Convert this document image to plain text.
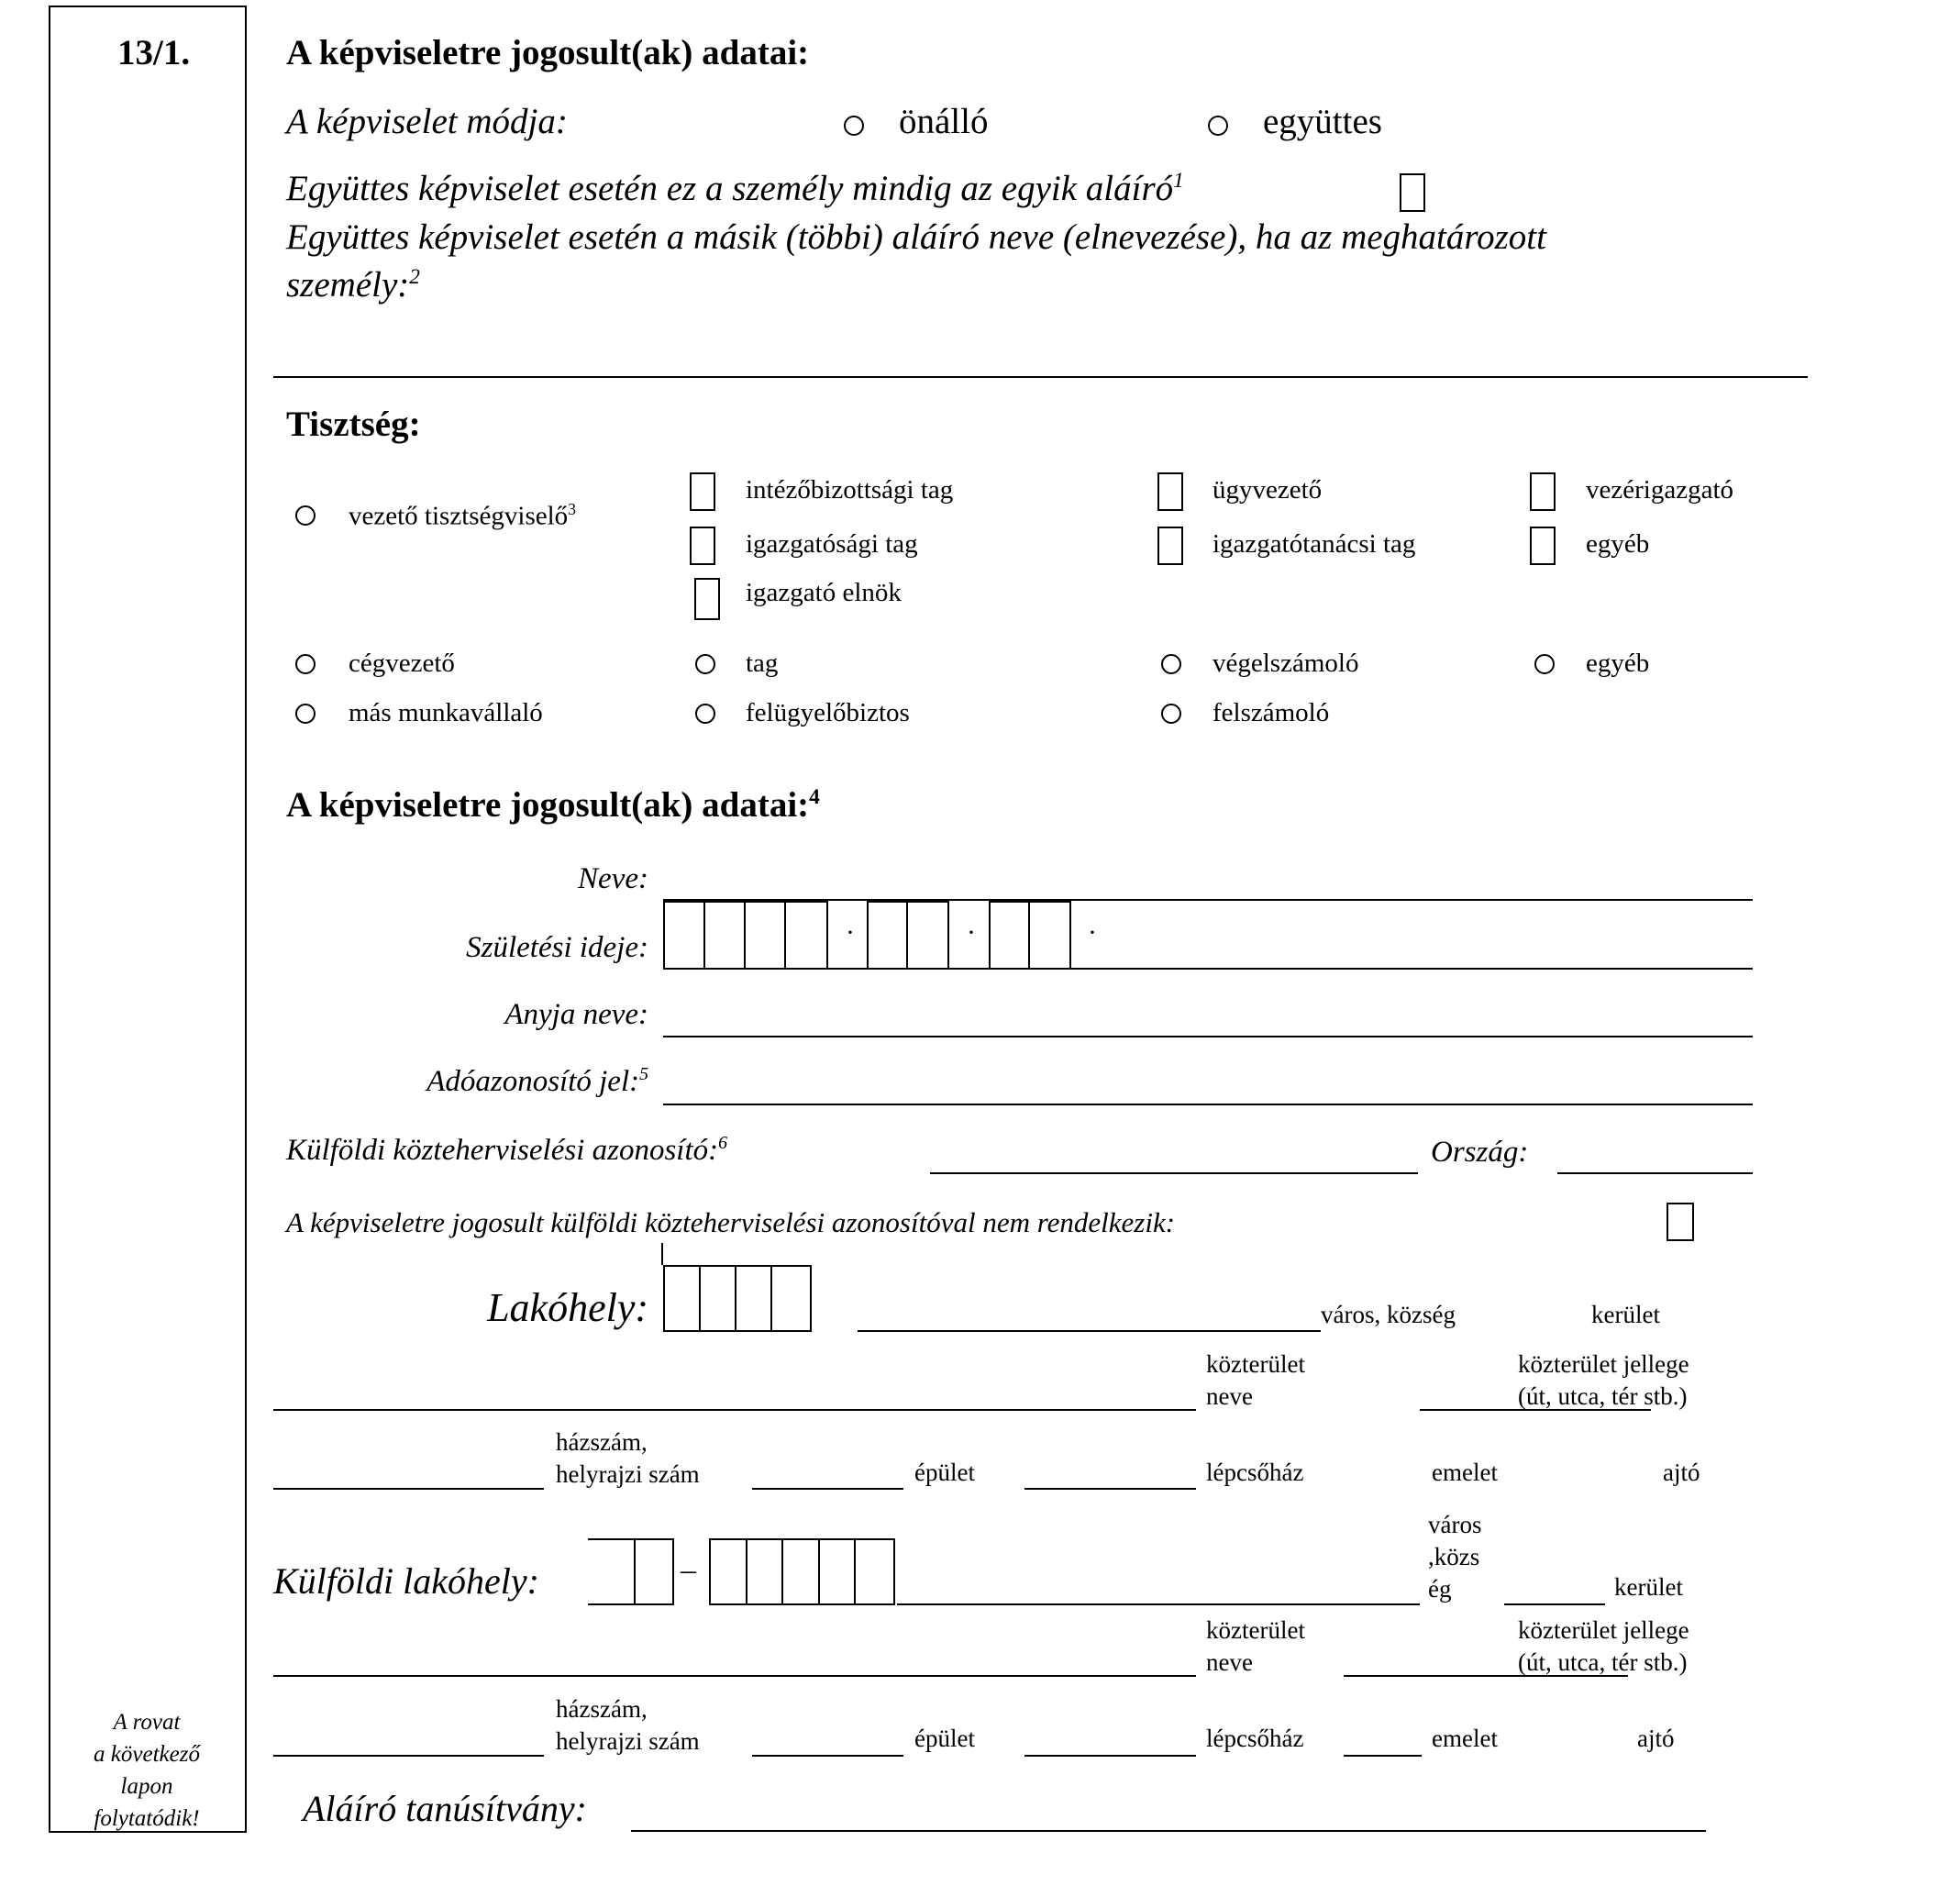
13/1.
A rovat
a következő
lapon
folytatódik!
A képviseletre jogosult(ak) adatai:
A képviselet módja:	önálló	együttes
Együttes képviselet esetén ez a személy mindig az egyik aláíró$^1$
Együttes képviselet esetén a másik (többi) aláíró neve (elnevezése), ha az meghatározott
személy:$^2$
Tisztség:
vezető tisztségviselő$^3$
intézőbizottsági tag	ügyvezető	vezérigazgató
igazgatósági tag	igazgatótanácsi tag	egyéb
igazgató elnök
cégvezető	tag	végelszámoló	egyéb
más munkavállaló	felügyelőbiztos	felszámoló
A képviseletre jogosult(ak) adatai:$^4$
Neve:
Születési ideje:	·	·	·
Anyja neve:
Adóazonosító jel:$^5$
Külföldi közteherviselési azonosító:$^6$	Ország:
A képviseletre jogosult külföldi közteherviselési azonosítóval nem rendelkezik:
Lakóhely:	város, község	kerület
közterület
neve
közterület jellege
(út, utca, tér stb.)
házszám,
helyrajzi szám	épület	lépcsőház	emelet	ajtó
Külföldi lakóhely:	–
város
,közs
ég	kerület
közterület
neve
közterület jellege
(út, utca, tér stb.)
házszám,
helyrajzi szám	épület	lépcsőház	emelet	ajtó
Aláíró tanúsítvány:
